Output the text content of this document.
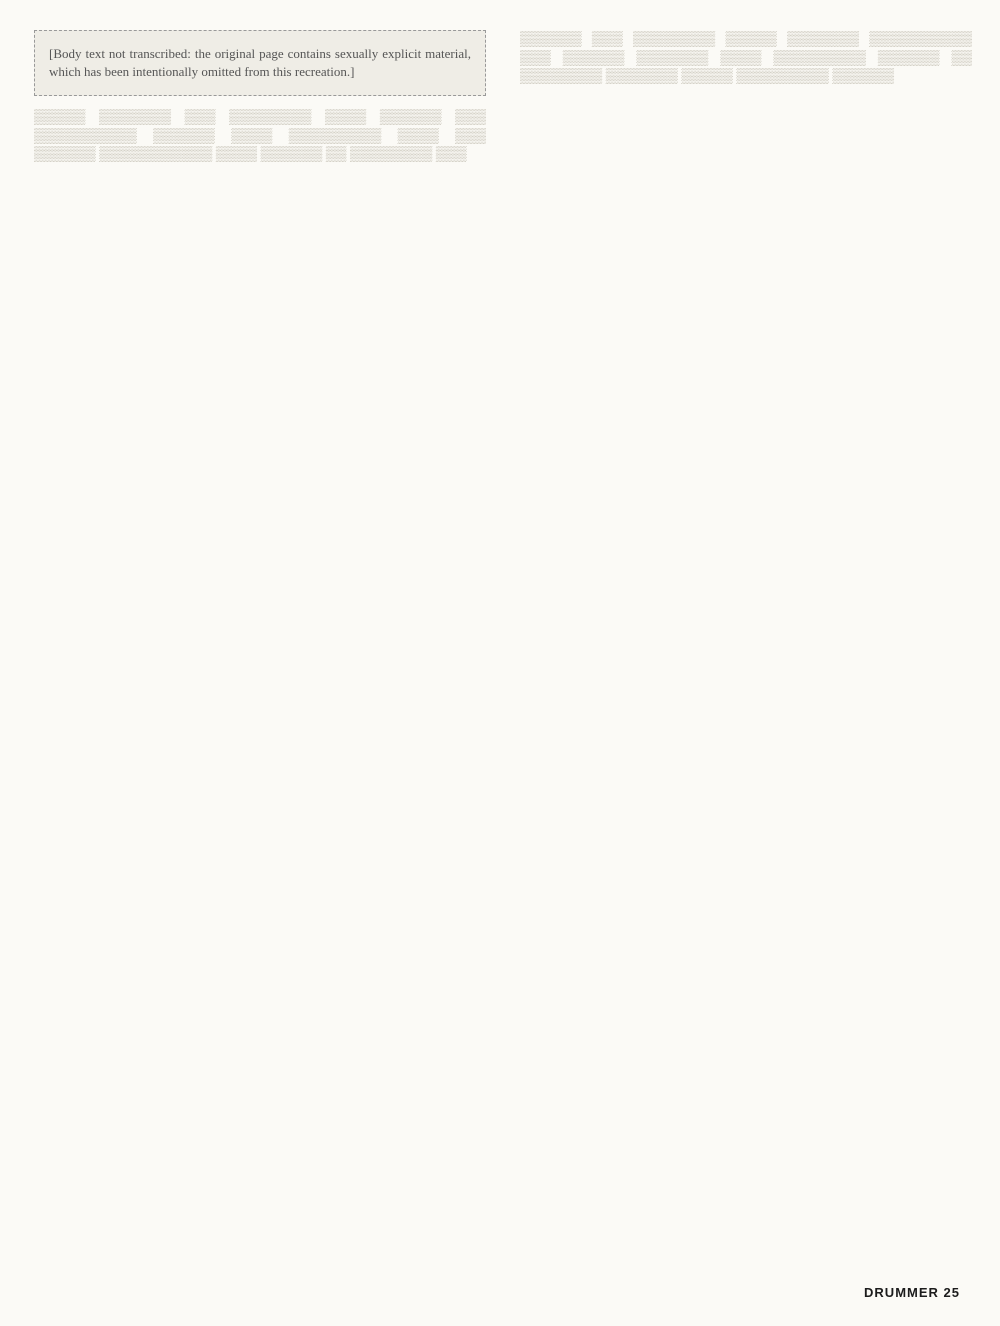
[Body text not transcribed: the original page contains sexually explicit material, which has been intentionally omitted from this recreation.]
▒▒▒▒▒ ▒▒▒▒▒▒▒ ▒▒▒ ▒▒▒▒▒▒▒▒ ▒▒▒▒ ▒▒▒▒▒▒ ▒▒▒ ▒▒▒▒▒▒▒▒▒▒ ▒▒▒▒▒▒ ▒▒▒▒ ▒▒▒▒▒▒▒▒▒ ▒▒▒▒ ▒▒▒ ▒▒▒▒▒▒ ▒▒▒▒▒▒▒▒▒▒▒ ▒▒▒▒ ▒▒▒▒▒▒ ▒▒ ▒▒▒▒▒▒▒▒ ▒▒▒
▒▒▒▒▒▒ ▒▒▒ ▒▒▒▒▒▒▒▒ ▒▒▒▒▒ ▒▒▒▒▒▒▒ ▒▒▒▒▒▒▒▒▒▒ ▒▒▒ ▒▒▒▒▒▒ ▒▒▒▒▒▒▒ ▒▒▒▒ ▒▒▒▒▒▒▒▒▒ ▒▒▒▒▒▒ ▒▒ ▒▒▒▒▒▒▒▒ ▒▒▒▒▒▒▒ ▒▒▒▒▒ ▒▒▒▒▒▒▒▒▒ ▒▒▒▒▒▒
DRUMMER 25
